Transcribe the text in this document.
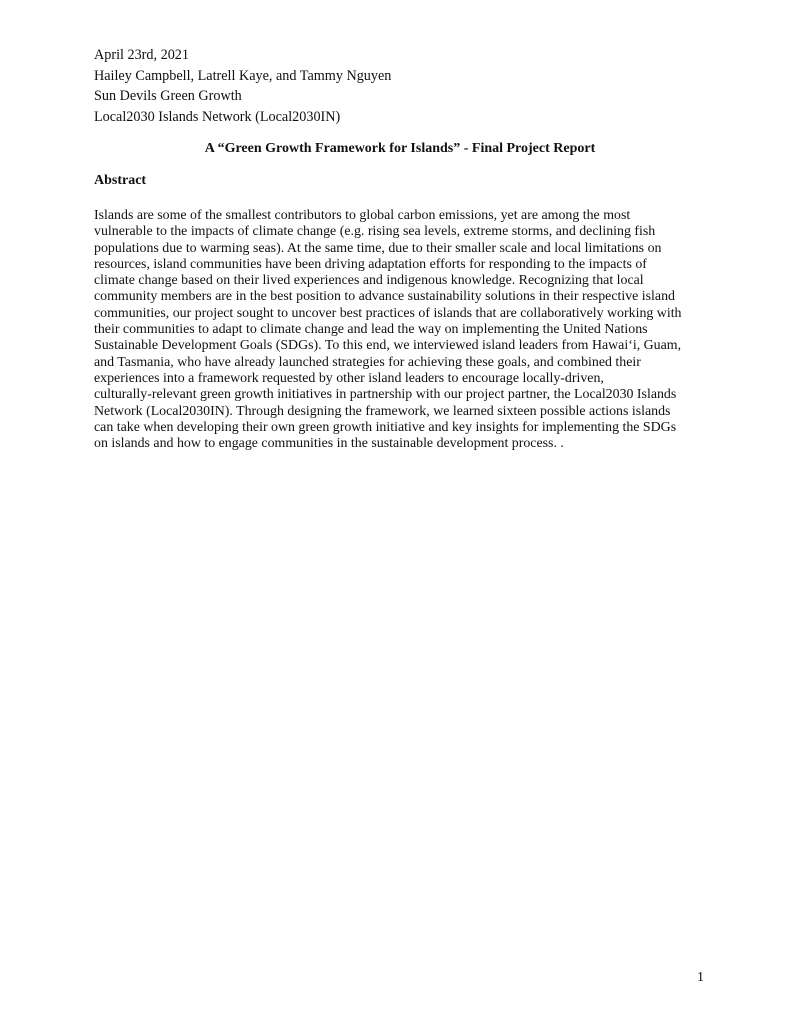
April 23rd, 2021
Hailey Campbell, Latrell Kaye, and Tammy Nguyen
Sun Devils Green Growth
Local2030 Islands Network (Local2030IN)
A “Green Growth Framework for Islands” - Final Project Report
Abstract
Islands are some of the smallest contributors to global carbon emissions, yet are among the most
vulnerable to the impacts of climate change (e.g. rising sea levels, extreme storms, and declining fish
populations due to warming seas). At the same time, due to their smaller scale and local limitations on
resources, island communities have been driving adaptation efforts for responding to the impacts of
climate change based on their lived experiences and indigenous knowledge. Recognizing that local
community members are in the best position to advance sustainability solutions in their respective island
communities, our project sought to uncover best practices of islands that are collaboratively working with
their communities to adapt to climate change and lead the way on implementing the United Nations
Sustainable Development Goals (SDGs). To this end, we interviewed island leaders from Hawaiʻi, Guam,
and Tasmania, who have already launched strategies for achieving these goals, and combined their
experiences into a framework requested by other island leaders to encourage locally-driven,
culturally-relevant green growth initiatives in partnership with our project partner, the Local2030 Islands
Network (Local2030IN). Through designing the framework, we learned sixteen possible actions islands
can take when developing their own green growth initiative and key insights for implementing the SDGs
on islands and how to engage communities in the sustainable development process. .
1
